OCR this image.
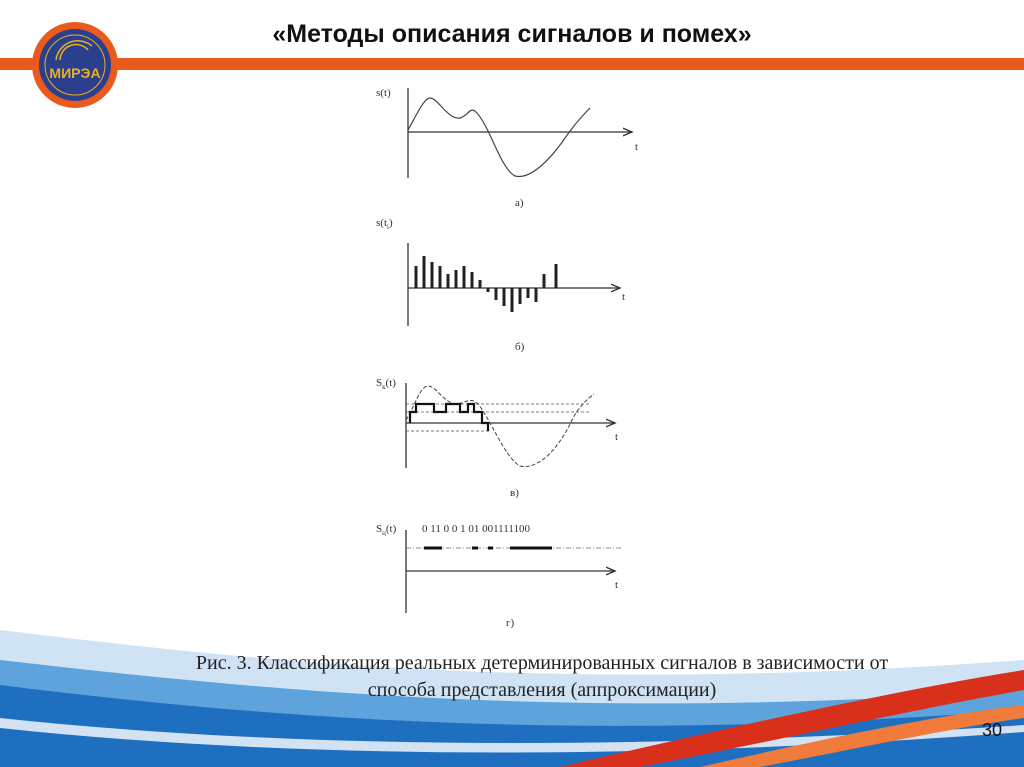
МИРЭА
«Методы описания сигналов и помех»
s(t)
t
а)
$s(t_i)$
t
б)
$S_к(t)$
t
в)
$S_ц(t)$ 0 11 0 0 1 01 001111100
t
г)
Рис. 3. Классификация реальных детерминированных сигналов в зависимости от
способа представления (аппроксимации)
30
